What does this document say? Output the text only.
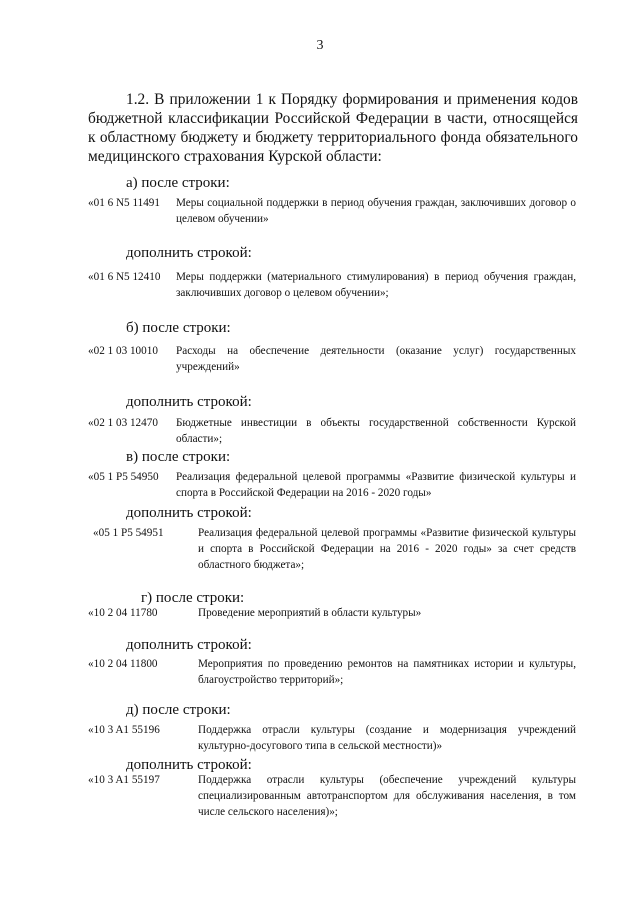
3
1.2. В приложении 1 к Порядку формирования и применения кодов бюджетной классификации Российской Федерации в части, относящейся к областному бюджету и бюджету территориального фонда обязательного медицинского страхования Курской области:
а) после строки:
«01 6 N5 11491 Меры социальной поддержки в период обучения граждан, заключивших договор о целевом обучении»
дополнить строкой:
«01 6 N5 12410 Меры поддержки (материального стимулирования) в период обучения граждан, заключивших договор о целевом обучении»;
б) после строки:
«02 1 03 10010 Расходы на обеспечение деятельности (оказание услуг) государственных учреждений»
дополнить строкой:
«02 1 03 12470 Бюджетные инвестиции в объекты государственной собственности Курской области»;
в) после строки:
«05 1 P5 54950 Реализация федеральной целевой программы «Развитие физической культуры и спорта в Российской Федерации на 2016 - 2020 годы»
дополнить строкой:
«05 1 P5 54951	Реализация федеральной целевой программы «Развитие физической культуры и спорта в Российской Федерации на 2016 - 2020 годы» за счет средств областного бюджета»;
г) после строки:
«10 2 04 11780	Проведение мероприятий в области культуры»
дополнить строкой:
«10 2 04 11800	Мероприятия по проведению ремонтов на памятниках истории и культуры, благоустройство территорий»;
д) после строки:
«10 3 A1 55196	Поддержка отрасли культуры (создание и модернизация учреждений культурно-досугового типа в сельской местности)»
дополнить строкой:
«10 3 A1 55197	Поддержка отрасли культуры (обеспечение учреждений культуры специализированным автотранспортом для обслуживания населения, в том числе сельского населения)»;
